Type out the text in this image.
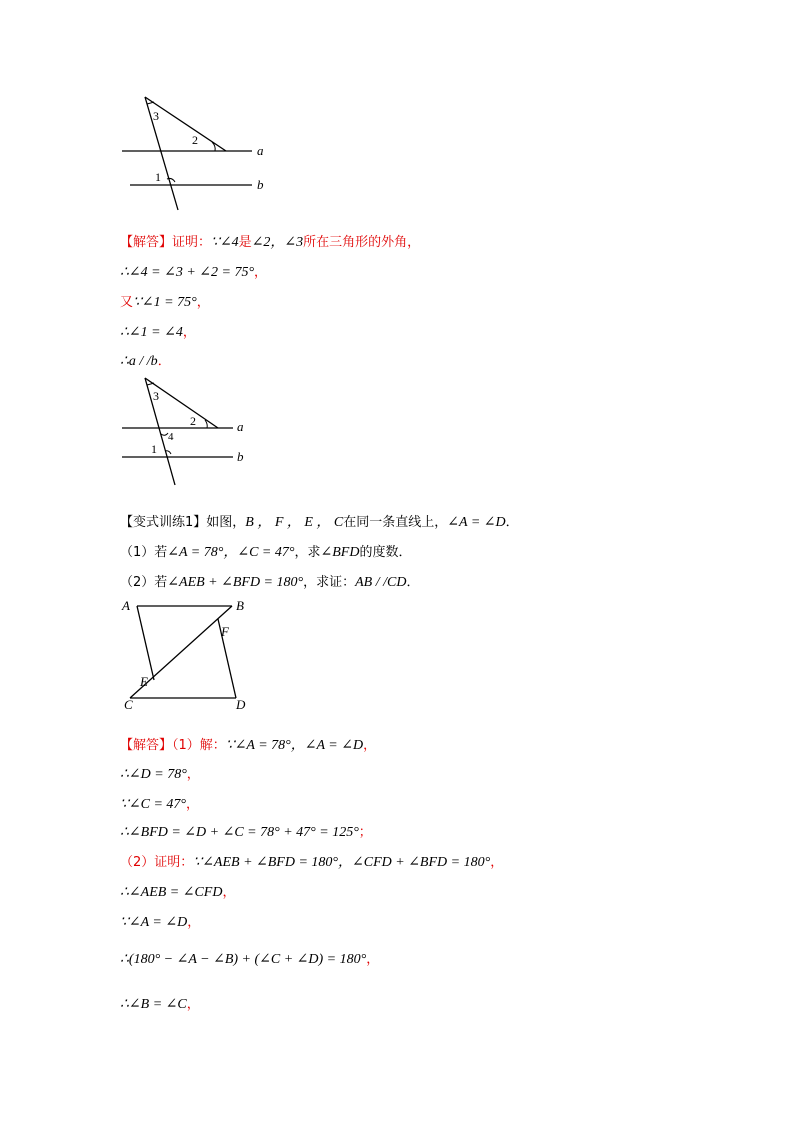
3
2
1
a
b
【解答】证明：∵∠4是∠2，∠3所在三角形的外角，
∴∠4 = ∠3 + ∠2 = 75°，
又∵∠1 = 75°，
∴∠1 = ∠4，
∴a / /b．
3
2
4
1
a
b
【变式训练1】如图，B ， F ， E ， C在同一条直线上，∠A = ∠D．
（1）若∠A = 78°，∠C = 47°，求∠BFD的度数．
（2）若∠AEB + ∠BFD = 180°，求证：AB / /CD．
A	B
F
E
C	D
【解答】（1）解：∵∠A = 78°，∠A = ∠D，
∴∠D = 78°，
∵∠C = 47°，
∴∠BFD = ∠D + ∠C = 78° + 47° = 125°；
（2）证明：∵∠AEB + ∠BFD = 180°，∠CFD + ∠BFD = 180°，
∴∠AEB = ∠CFD，
∵∠A = ∠D，
∴(180° − ∠A − ∠B) + (∠C + ∠D) = 180°，
∴∠B = ∠C，
